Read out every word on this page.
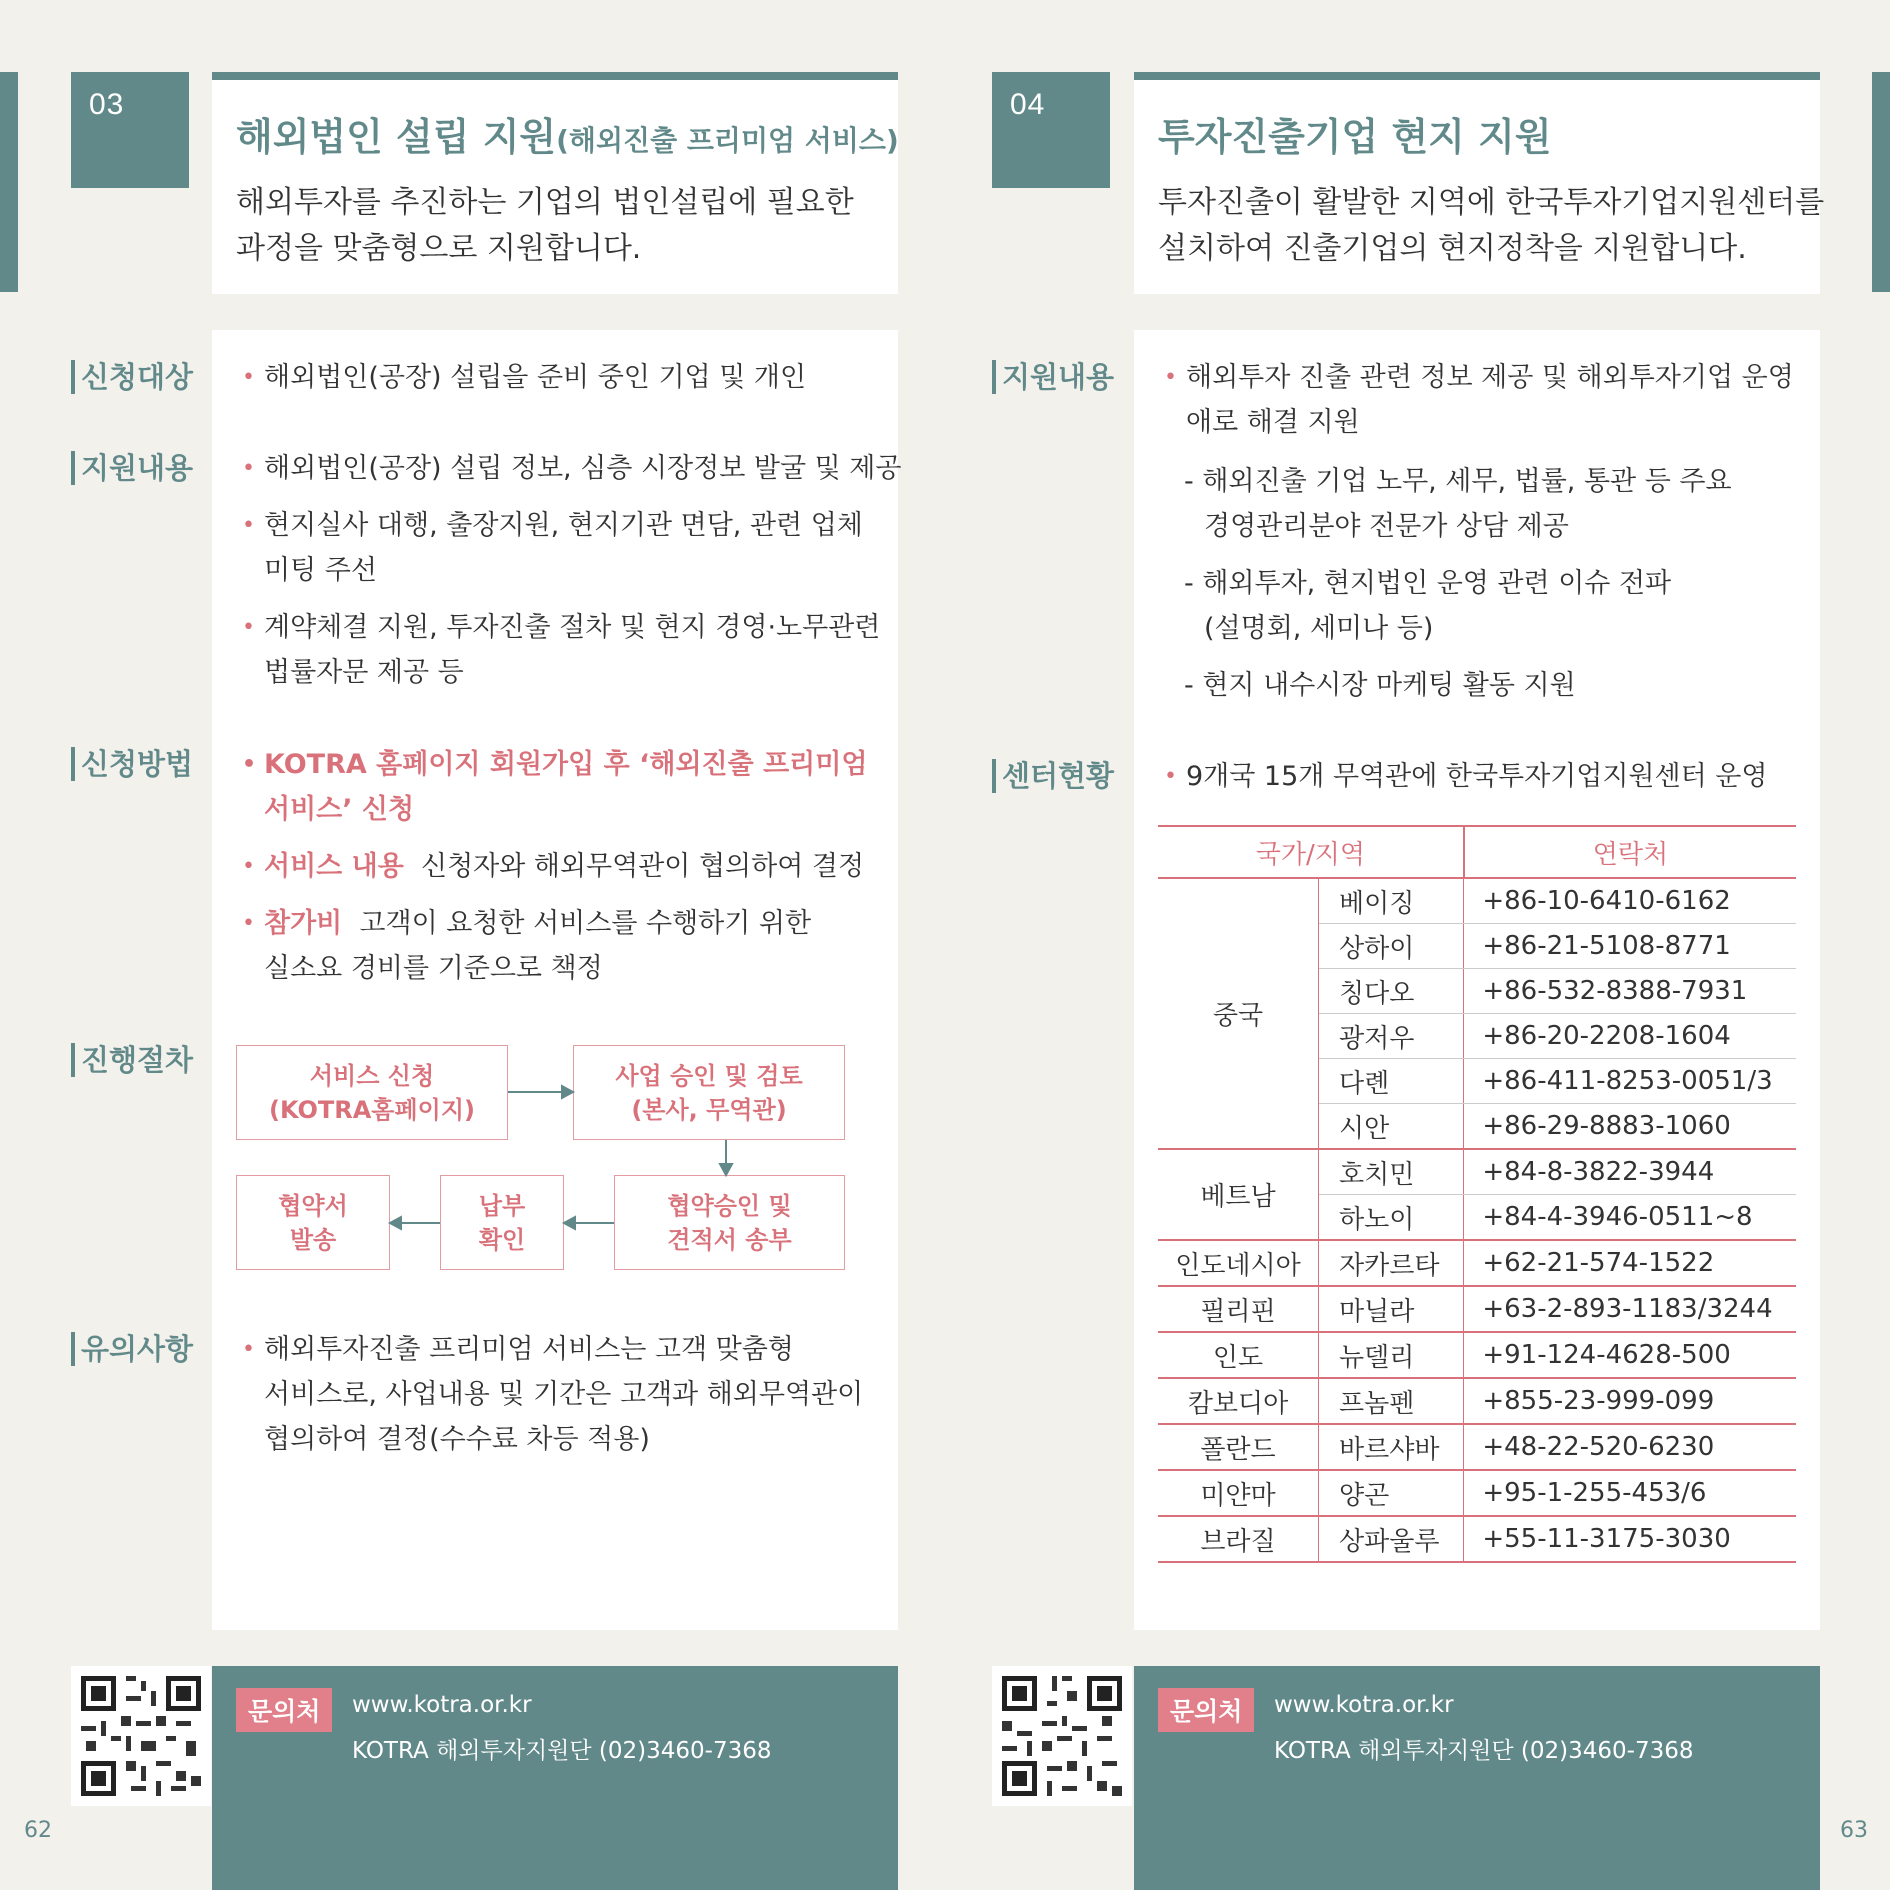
03
해외법인 설립 지원(해외진출 프리미엄 서비스)
해외투자를 추진하는 기업의 법인설립에 필요한
과정을 맞춤형으로 지원합니다.
신청대상
지원내용
신청방법
진행절차
유의사항
• 해외법인(공장) 설립을 준비 중인 기업 및 개인
• 해외법인(공장) 설립 정보, 심층 시장정보 발굴 및 제공
• 현지실사 대행, 출장지원, 현지기관 면담, 관련 업체
미팅 주선
• 계약체결 지원, 투자진출 절차 및 현지 경영·노무관련
법률자문 제공 등
• KOTRA 홈페이지 회원가입 후 ‘해외진출 프리미엄
서비스’ 신청
• 서비스 내용 신청자와 해외무역관이 협의하여 결정
• 참가비 고객이 요청한 서비스를 수행하기 위한
실소요 경비를 기준으로 책정
서비스 신청
(KOTRA홈페이지)
사업 승인 및 검토
(본사, 무역관)
협약승인 및
견적서 송부
납부
확인
협약서
발송
• 해외투자진출 프리미엄 서비스는 고객 맞춤형
서비스로, 사업내용 및 기간은 고객과 해외무역관이
협의하여 결정(수수료 차등 적용)
문의처	www.kotra.or.kr
KOTRA 해외투자지원단 (02)3460-7368
62
04
투자진출기업 현지 지원
투자진출이 활발한 지역에 한국투자기업지원센터를
설치하여 진출기업의 현지정착을 지원합니다.
지원내용
센터현황
• 해외투자 진출 관련 정보 제공 및 해외투자기업 운영
애로 해결 지원
- 해외진출 기업 노무, 세무, 법률, 통관 등 주요
경영관리분야 전문가 상담 제공
- 해외투자, 현지법인 운영 관련 이슈 전파
(설명회, 세미나 등)
- 현지 내수시장 마케팅 활동 지원
• 9개국 15개 무역관에 한국투자기업지원센터 운영
국가/지역		연락처
중국	베이징	+86-10-6410-6162
	상하이	+86-21-5108-8771
	칭다오	+86-532-8388-7931
	광저우	+86-20-2208-1604
	다롄	+86-411-8253-0051/3
	시안	+86-29-8883-1060
베트남	호치민	+84-8-3822-3944
	하노이	+84-4-3946-0511~8
인도네시아	자카르타	+62-21-574-1522
필리핀	마닐라	+63-2-893-1183/3244
인도	뉴델리	+91-124-4628-500
캄보디아	프놈펜	+855-23-999-099
폴란드	바르샤바	+48-22-520-6230
미얀마	양곤	+95-1-255-453/6
브라질	상파울루	+55-11-3175-3030
문의처	www.kotra.or.kr
KOTRA 해외투자지원단 (02)3460-7368
63
